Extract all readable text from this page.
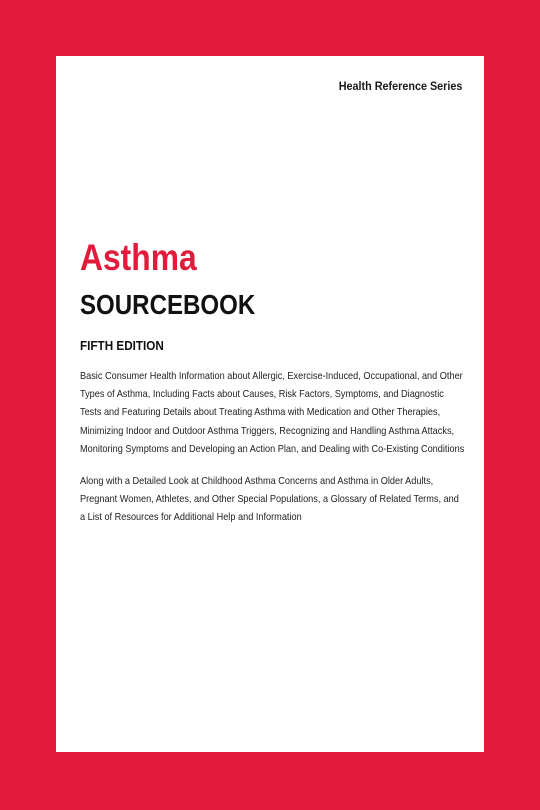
Health Reference Series
Asthma
SOURCEBOOK
FIFTH EDITION

Basic Consumer Health Information about Allergic, Exercise-Induced, Occupational, and Other Types of Asthma, Including Facts about Causes, Risk Factors, Symptoms, and Diagnostic Tests and Featuring Details about Treating Asthma with Medication and Other Therapies, Minimizing Indoor and Outdoor Asthma Triggers, Recognizing and Handling Asthma Attacks, Monitoring Symptoms and Developing an Action Plan, and Dealing with Co-Existing Conditions

Along with a Detailed Look at Childhood Asthma Concerns and Asthma in Older Adults, Pregnant Women, Athletes, and Other Special Populations, a Glossary of Related Terms, and a List of Resources for Additional Help and Information
